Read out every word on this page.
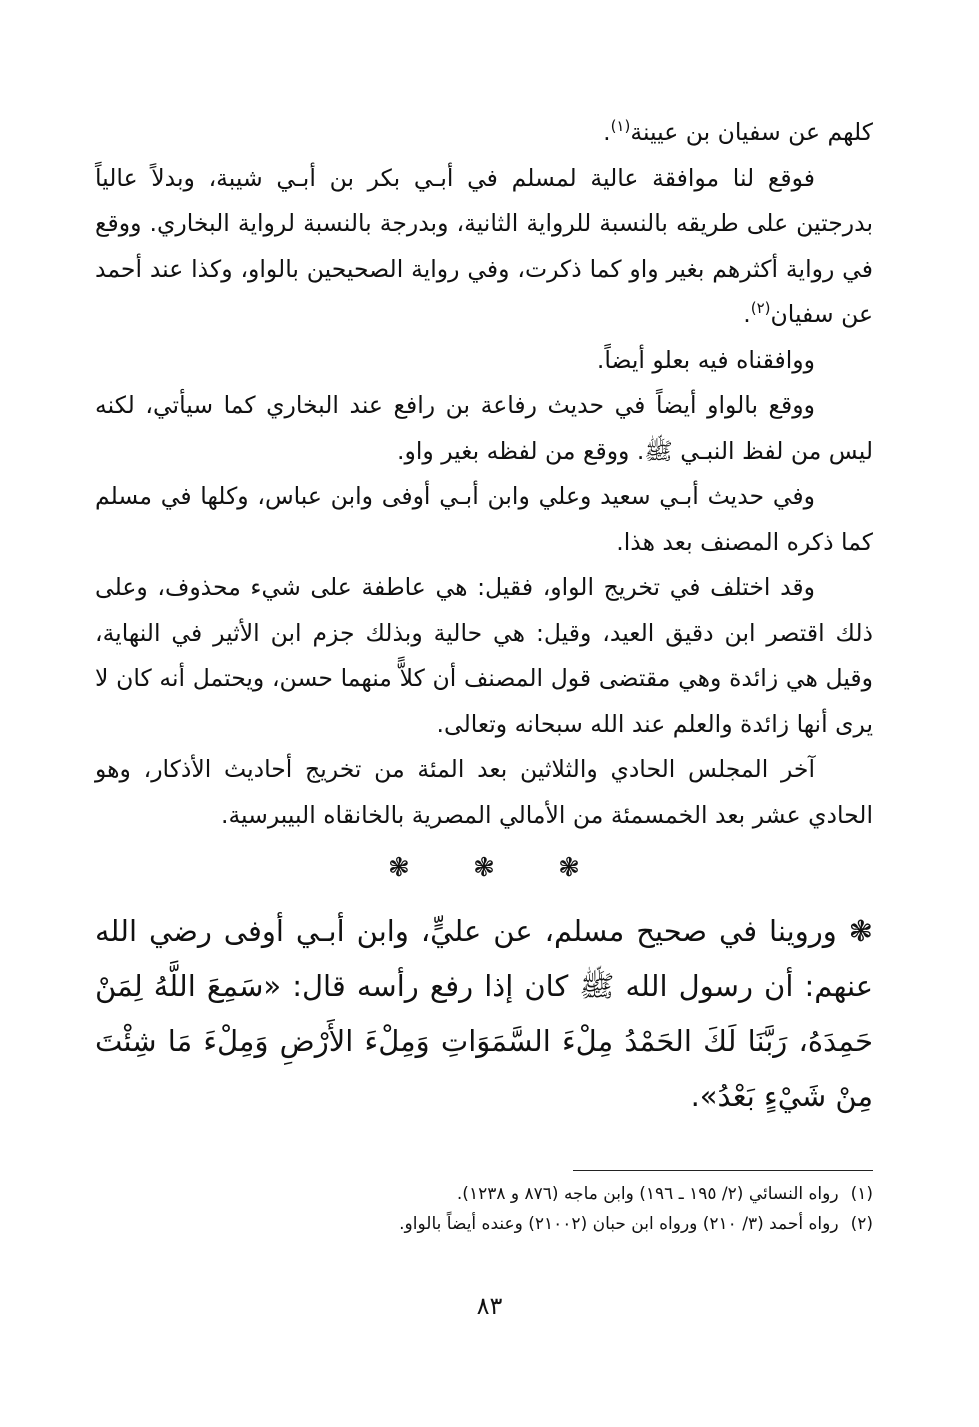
كلهم عن سفيان بن عيينة$^{(١)}$.

فوقع لنا موافقة عالية لمسلم في أبـي بكر بن أبـي شيبة، وبدلاً عالياً بدرجتين على طريقه بالنسبة للرواية الثانية، وبدرجة بالنسبة لرواية البخاري. ووقع في رواية أكثرهم بغير واو كما ذكرت، وفي رواية الصحيحين بالواو، وكذا عند أحمد عن سفيان$^{(٢)}$.

ووافقناه فيه بعلو أيضاً.

ووقع بالواو أيضاً في حديث رفاعة بن رافع عند البخاري كما سيأتي، لكنه ليس من لفظ النبـي ﷺ. ووقع من لفظه بغير واو.

وفي حديث أبـي سعيد وعلي وابن أبـي أوفى وابن عباس، وكلها في مسلم كما ذكره المصنف بعد هذا.

وقد اختلف في تخريج الواو، فقيل: هي عاطفة على شيء محذوف، وعلى ذلك اقتصر ابن دقيق العيد، وقيل: هي حالية وبذلك جزم ابن الأثير في النهاية، وقيل هي زائدة وهي مقتضى قول المصنف أن كلاًّ منهما حسن، ويحتمل أنه كان لا يرى أنها زائدة والعلم عند الله سبحانه وتعالى.

آخر المجلس الحادي والثلاثين بعد المئة من تخريج أحاديث الأذكار، وهو الحادي عشر بعد الخمسمئة من الأمالي المصرية بالخانقاه البيبرسية.

❃ ❃ ❃

❃ وروينا في صحيح مسلم، عن عليٍّ، وابن أبـي أوفى رضي الله عنهم: أن رسول الله ﷺ كان إذا رفع رأسه قال: «سَمِعَ اللَّهُ لِمَنْ حَمِدَهُ، رَبَّنَا لَكَ الحَمْدُ مِلْءَ السَّمَوَاتِ وَمِلْءَ الأَرْضِ وَمِلْءَ مَا شِئْتَ مِنْ شَيْءٍ بَعْدُ».

(١)رواه النسائي (٢/ ١٩٥ ـ ١٩٦) وابن ماجه (٨٧٦ و ١٢٣٨).

(٢)رواه أحمد (٣/ ٢١٠) ورواه ابن حبان (٢١٠٠٢) وعنده أيضاً بالواو.

٨٣
